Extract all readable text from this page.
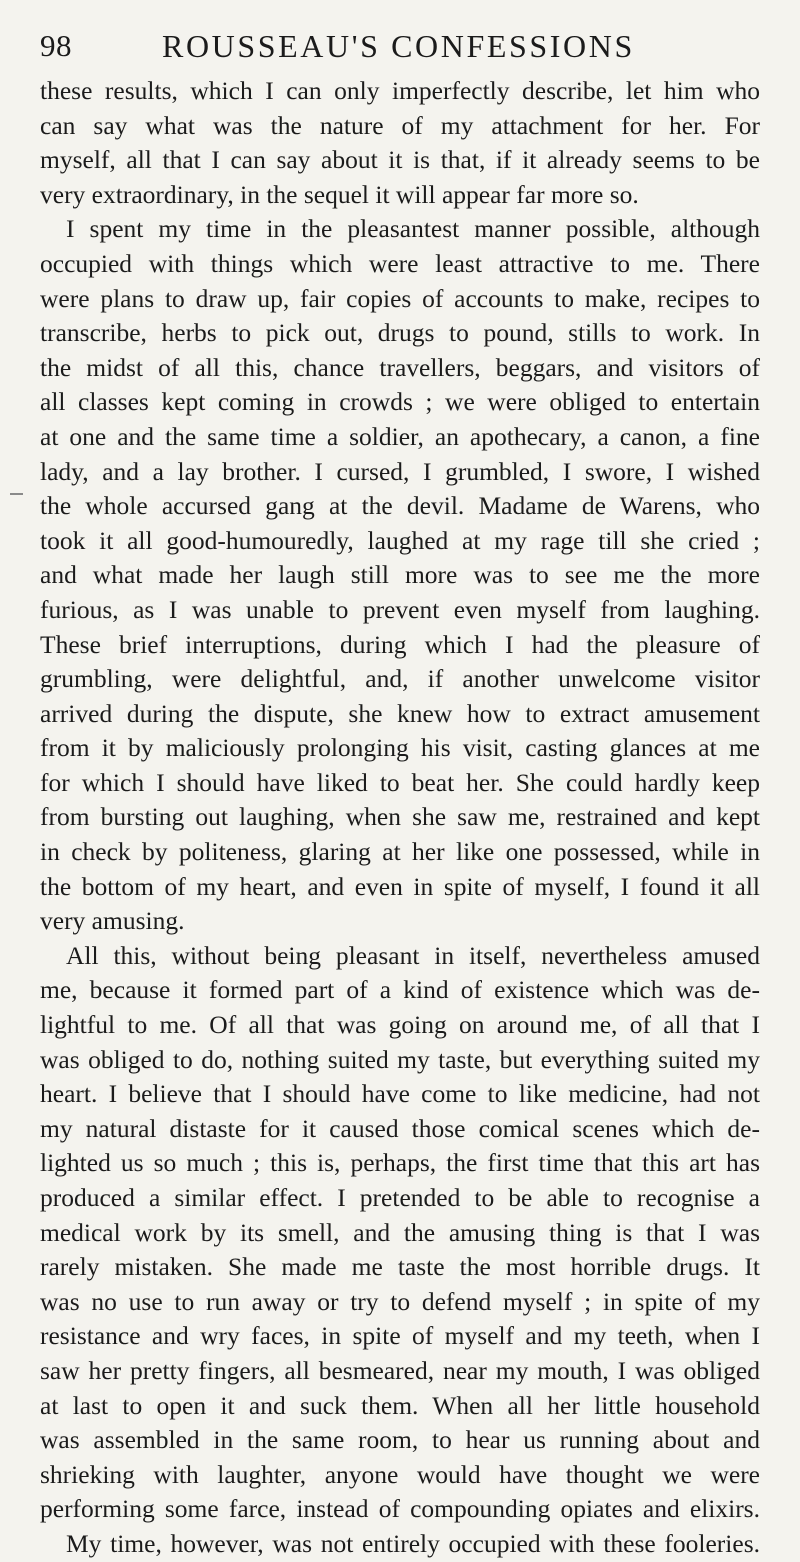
98	ROUSSEAU'S CONFESSIONS
these results, which I can only imperfectly describe, let him who
can say what was the nature of my attachment for her. For
myself, all that I can say about it is that, if it already seems to be
very extraordinary, in the sequel it will appear far more so.
I spent my time in the pleasantest manner possible, although
occupied with things which were least attractive to me. There
were plans to draw up, fair copies of accounts to make, recipes to
transcribe, herbs to pick out, drugs to pound, stills to work. In
the midst of all this, chance travellers, beggars, and visitors of
all classes kept coming in crowds ; we were obliged to entertain
at one and the same time a soldier, an apothecary, a canon, a fine
lady, and a lay brother. I cursed, I grumbled, I swore, I wished
the whole accursed gang at the devil. Madame de Warens, who
took it all good-humouredly, laughed at my rage till she cried ;
and what made her laugh still more was to see me the more
furious, as I was unable to prevent even myself from laughing.
These brief interruptions, during which I had the pleasure of
grumbling, were delightful, and, if another unwelcome visitor
arrived during the dispute, she knew how to extract amusement
from it by maliciously prolonging his visit, casting glances at me
for which I should have liked to beat her. She could hardly keep
from bursting out laughing, when she saw me, restrained and kept
in check by politeness, glaring at her like one possessed, while in
the bottom of my heart, and even in spite of myself, I found it all
very amusing.
All this, without being pleasant in itself, nevertheless amused
me, because it formed part of a kind of existence which was de-
lightful to me. Of all that was going on around me, of all that I
was obliged to do, nothing suited my taste, but everything suited my
heart. I believe that I should have come to like medicine, had not
my natural distaste for it caused those comical scenes which de-
lighted us so much ; this is, perhaps, the first time that this art has
produced a similar effect. I pretended to be able to recognise a
medical work by its smell, and the amusing thing is that I was
rarely mistaken. She made me taste the most horrible drugs. It
was no use to run away or try to defend myself ; in spite of my
resistance and wry faces, in spite of myself and my teeth, when I
saw her pretty fingers, all besmeared, near my mouth, I was obliged
at last to open it and suck them. When all her little household
was assembled in the same room, to hear us running about and
shrieking with laughter, anyone would have thought we were
performing some farce, instead of compounding opiates and elixirs.
My time, however, was not entirely occupied with these fooleries.
